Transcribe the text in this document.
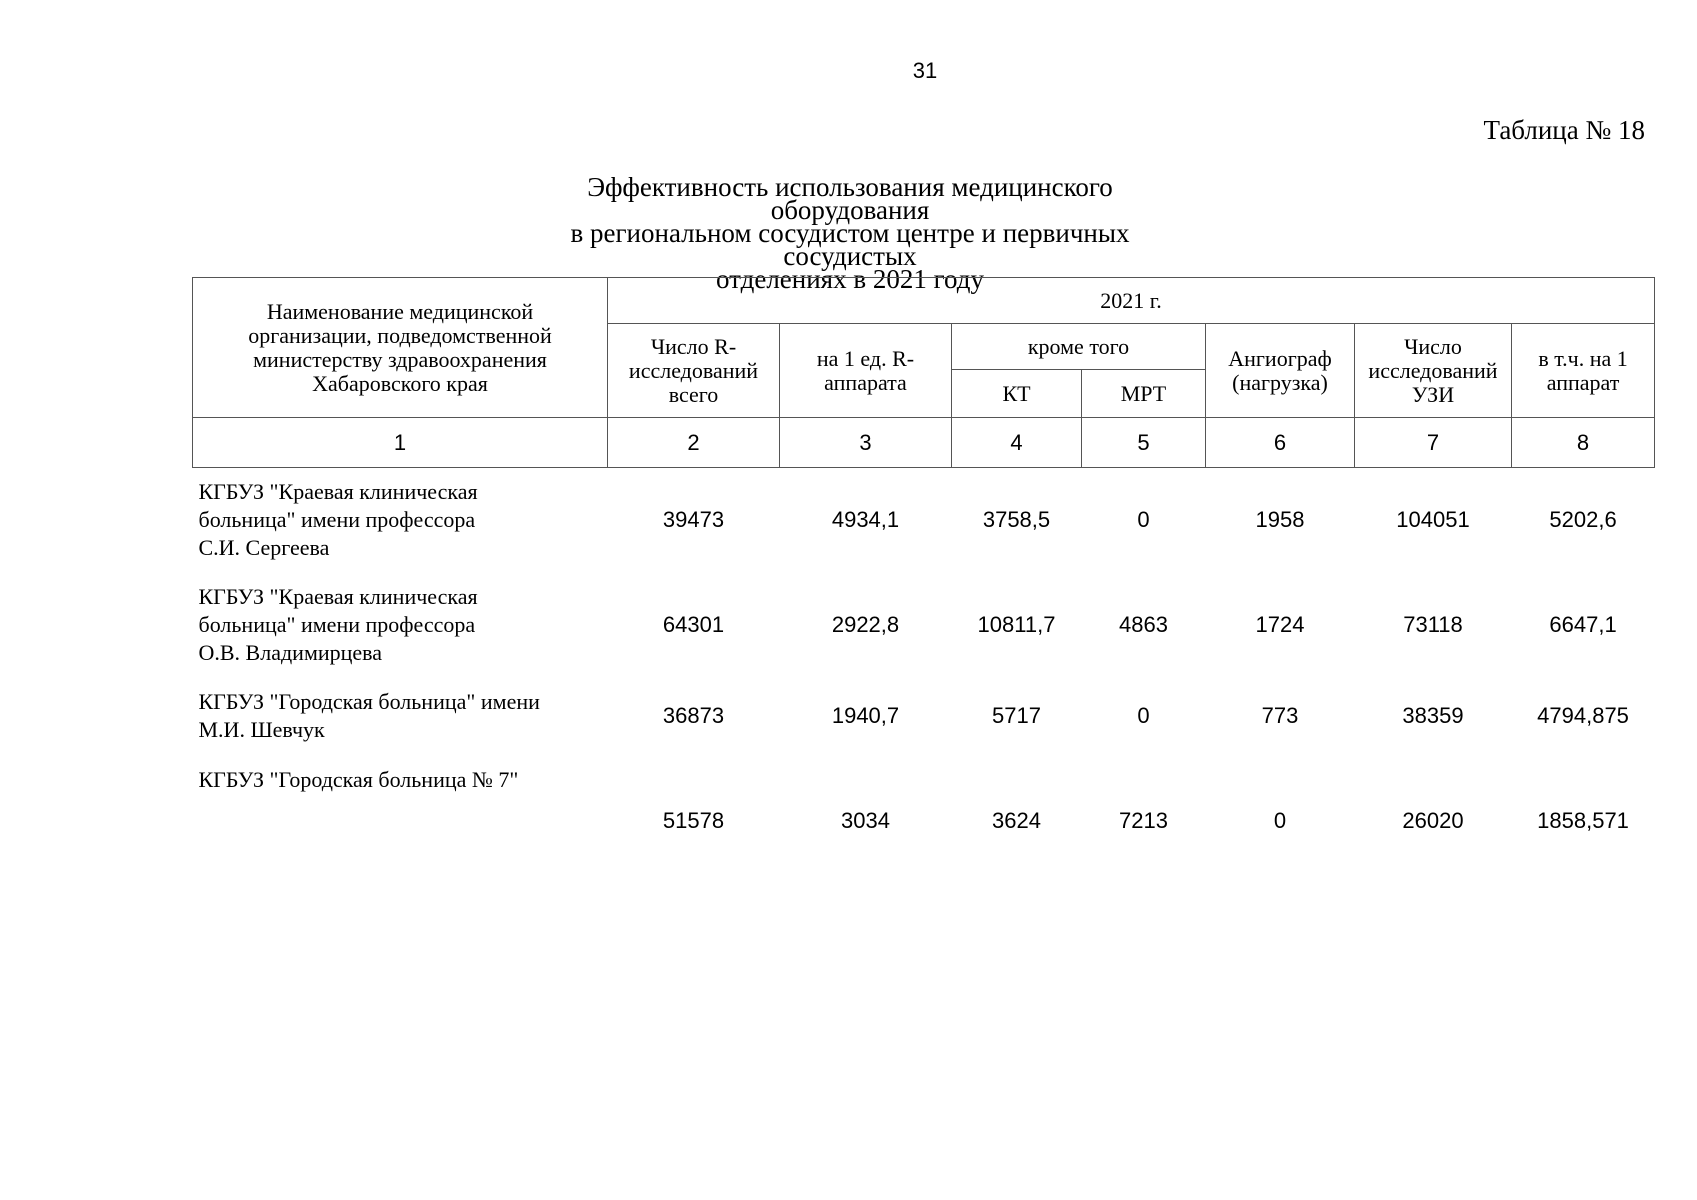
31
Таблица № 18
Эффективность использования медицинского оборудования
в региональном сосудистом центре и первичных сосудистых
отделениях в 2021 году
Наименование медицинской организации, подведомственной министерству здравоохранения Хабаровского края	2021 г.						
	Число R-исследований всего	на 1 ед. R-аппарата	кроме того		Ангиограф (нагрузка)	Число исследований УЗИ	в т.ч. на 1 аппарат
			КТ	МРТ			
1	2	3	4	5	6	7	8

КГБУЗ "Краевая клиническая
больница" имени профессора
С.И. Сергеева	39473	4934,1	3758,5	0	1958	104051	5202,6

КГБУЗ "Краевая клиническая
больница" имени профессора
О.В. Владимирцева	64301	2922,8	10811,7	4863	1724	73118	6647,1

КГБУЗ "Городская больница" имени
М.И. Шевчук	36873	1940,7	5717	0	773	38359	4794,875

КГБУЗ "Городская больница № 7"	51578	3034	3624	7213	0	26020	1858,571
